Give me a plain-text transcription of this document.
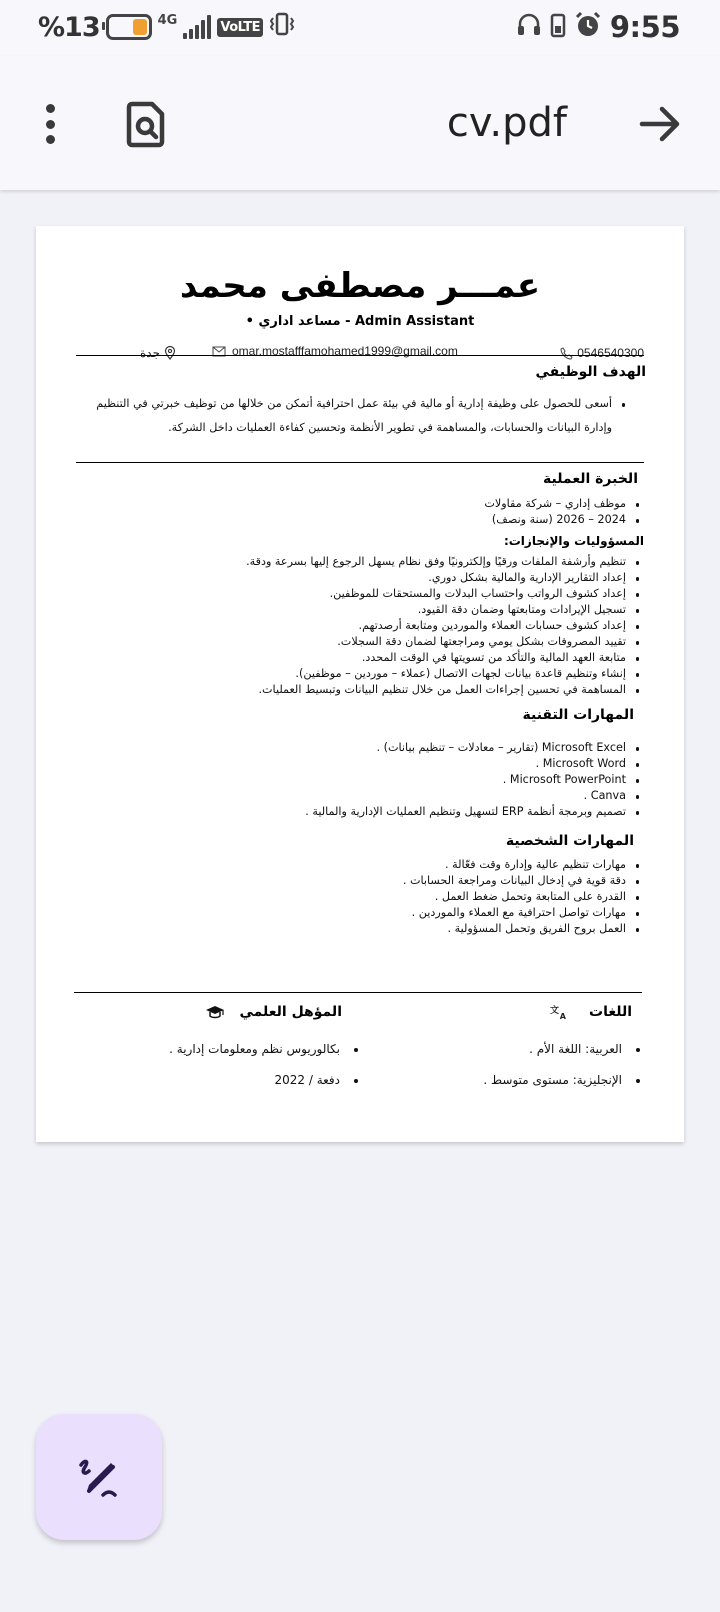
%13	4G	VoLTE	9:55
cv.pdf
عمـــر مصطفى محمد
• مساعد اداري - Admin Assistant
جدة	omar.mostafffamohamed1999@gmail.com	0546540300
الهدف الوظيفي
أسعى للحصول على وظيفة إدارية أو مالية في بيئة عمل احترافية أتمكن من خلالها من توظيف خبرتي في التنظيم وإدارة البيانات والحسابات، والمساهمة في تطوير الأنظمة وتحسين كفاءة العمليات داخل الشركة.
الخبرة العملية
موظف إداري – شركة مقاولات
2024 – 2026 (سنة ونصف)
المسؤوليات والإنجازات:
تنظيم وأرشفة الملفات ورقيًا وإلكترونيًا وفق نظام يسهل الرجوع إليها بسرعة ودقة.
إعداد التقارير الإدارية والمالية بشكل دوري.
إعداد كشوف الرواتب واحتساب البدلات والمستحقات للموظفين.
تسجيل الإيرادات ومتابعتها وضمان دقة القيود.
إعداد كشوف حسابات العملاء والموردين ومتابعة أرصدتهم.
تقييد المصروفات بشكل يومي ومراجعتها لضمان دقة السجلات.
متابعة العهد المالية والتأكد من تسويتها في الوقت المحدد.
إنشاء وتنظيم قاعدة بيانات لجهات الاتصال (عملاء – موردين – موظفين).
المساهمة في تحسين إجراءات العمل من خلال تنظيم البيانات وتبسيط العمليات.
المهارات التقنية
Microsoft Excel (تقارير – معادلات – تنظيم بيانات) .
Microsoft Word .
Microsoft PowerPoint .
Canva .
تصميم وبرمجة أنظمة ERP لتسهيل وتنظيم العمليات الإدارية والمالية .
المهارات الشخصية
مهارات تنظيم عالية وإدارة وقت فعّالة .
دقة قوية في إدخال البيانات ومراجعة الحسابات .
القدرة على المتابعة وتحمل ضغط العمل .
مهارات تواصل احترافية مع العملاء والموردين .
العمل بروح الفريق وتحمل المسؤولية .
اللغات
文
A
العربية: اللغة الأم .
الإنجليزية: مستوى متوسط .
المؤهل العلمي
بكالوريوس نظم ومعلومات إدارية .
دفعة / 2022
